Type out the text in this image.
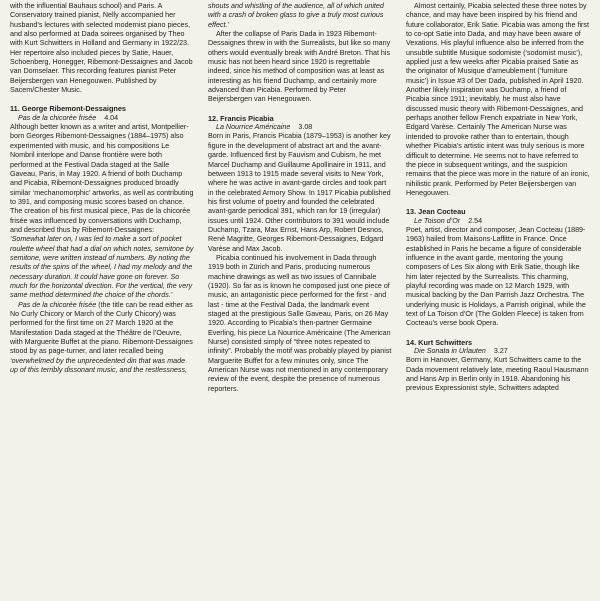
with the influential Bauhaus school) and Paris. A Conservatory trained pianist, Nelly accompanied her husband’s lectures with selected modernist piano pieces, and also performed at Dada soirees organised by Theo with Kurt Schwitters in Holland and Germany in 1922/23. Her repertoire also included pieces by Satie, Hauer, Schoenberg, Honegger, Ribemont-Dessaignes and Jacob van Domselaer. This recording features pianist Peter Beijersbergen van Henegouwen. Published by Sacem/Chester Music.

11. George Ribemont-Dessaignes

Pas de la chicorée frisée 4.04

Although better known as a writer and artist, Montpellier-born Georges Ribemont-Dessaignes (1884–1975) also experimented with music, and his compositions Le Nombril interlope and Danse frontière were both performed at the Festival Dada staged at the Salle Gaveau, Paris, in May 1920. A friend of both Duchamp and Picabia, Ribemont-Dessaignes produced broadly similar ‘mechanomorphic’ artworks, as well as contributing to 391, and composing music scores based on chance. The creation of his first musical piece, Pas de la chicorée frisée was influenced by conversations with Duchamp, and described thus by Ribemont-Dessaignes:

‘Somewhat later on, I was led to make a sort of pocket roulette wheel that had a dial on which notes, semitone by semitone, were written instead of numbers. By noting the results of the spins of the wheel, I had my melody and the necessary duration. It could have gone on forever. So much for the horizontal direction. For the vertical, the very same method determined the choice of the chords.’

Pas de la chicorée frisée (the title can be read either as No Curly Chicory or March of the Curly Chicory) was performed for the first time on 27 March 1920 at the Manifestation Dada staged at the Théâtre de l’Oeuvre, with Marguerite Buffet at the piano. Ribemont-Dessaignes stood by as page-turner, and later recalled being ‘overwhelmed by the unprecedented din that was made up of this terribly dissonant music, and the restlessness,

shouts and whistling of the audience, all of which united with a crash of broken glass to give a truly most curious effect.’

After the collapse of Paris Dada in 1923 Ribemont-Dessaignes threw in with the Surrealists, but like so many others would eventually break with André Breton. That his music has not been heard since 1920 is regrettable indeed, since his method of composition was at least as interesting as his friend Duchamp, and certainly more advanced than Picabia. Performed by Peter Beijersbergen van Henegouwen.

12. Francis Picabia

La Nourrice Américaine 3.08

Born in Paris, Francis Picabia (1879–1953) is another key figure in the development of abstract art and the avant-garde. Influenced first by Fauvism and Cubism, he met Marcel Duchamp and Guillaume Apollinaire in 1911, and between 1913 to 1915 made several visits to New York, where he was active in avant-garde circles and took part in the celebrated Armory Show. In 1917 Picabia published his first volume of poetry and founded the celebrated avant-garde periodical 391, which ran for 19 (irregular) issues until 1924. Other contributors to 391 would include Duchamp, Tzara, Max Ernst, Hans Arp, Robert Desnos, René Magritte, Georges Ribemont-Dessaignes, Edgard Varèse and Max Jacob.

Picabia continued his involvement in Dada through 1919 both in Zürich and Paris, producing numerous machine drawings as well as two issues of Cannibale (1920). So far as is known he composed just one piece of music, an antagonistic piece performed for the first - and last - time at the Festival Dada, the landmark event staged at the prestigious Salle Gaveau, Paris, on 26 May 1920. According to Picabia’s then-partner Germaine Everling, his piece La Nourrice Américaine (The American Nurse) consisted simply of “three notes repeated to infinity”. Probably the motif was probably played by pianist Marguerite Buffet for a few minutes only, since The American Nurse was not mentioned in any contemporary review of the event, despite the presence of numerous reporters.

Almost certainly, Picabia selected these three notes by chance, and may have been inspired by his friend and future collaborator, Erik Satie. Picabia was among the first to co-opt Satie into Dada, and may have been aware of Vexations. His playful influence also be inferred from the unsubtle subtitle Musique sodomiste (‘sodomist music’), applied just a few weeks after Picabia praised Satie as the originator of Musique d’ameublement (‘furniture music’) in Issue #3 of Der Dada, published in April 1920. Another likely inspiration was Duchamp, a friend of Picabia since 1911; inevitably, he must also have discussed music theory with Ribemont-Dessaignes, and perhaps another fellow French expatriate in New York, Edgard Varèse. Certainly The American Nurse was intended to provoke rather than to entertain, though whether Picabia’s artistic intent was truly serious is more difficult to determine. He seems not to have referred to the piece in subsequent writings, and the suspicion remains that the piece was more in the nature of an ironic, nihilistic prank. Performed by Peter Beijersbergen van Henegouwen.

13. Jean Cocteau

Le Toison d’Or 2.54

Poet, artist, director and composer, Jean Cocteau (1889-1963) hailed from Maisons-Laffitte in France. Once established in Paris he became a figure of considerable influence in the avant garde, mentoring the young composers of Les Six along with Erik Satie, though like him later rejected by the Surrealists. This charming, playful recording was made on 12 March 1929, with musical backing by the Dan Parrish Jazz Orchestra. The underlying music is Holidays, a Parrish original, while the text of La Toison d’Or (The Golden Fleece) is taken from Cocteau’s verse book Opera.

14. Kurt Schwitters

Die Sonata in Urlauten 3.27

Born in Hanover, Germany, Kurt Schwitters came to the Dada movement relatively late, meeting Raoul Hausmann and Hans Arp in Berlin only in 1918. Abandoning his previous Expressionist style, Schwitters adapted
